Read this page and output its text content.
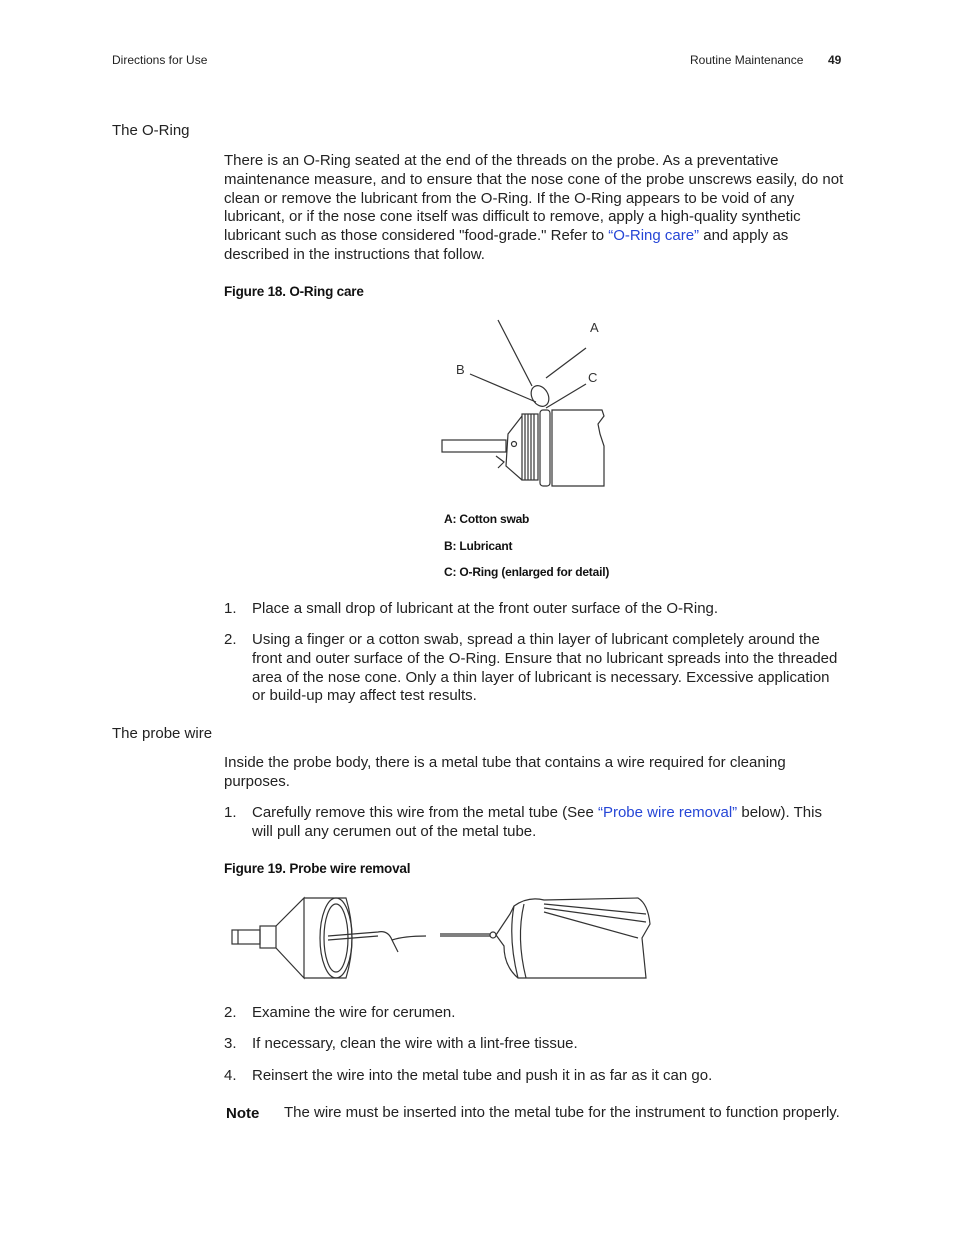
Directions for Use	Routine Maintenance 49
The O-Ring
There is an O-Ring seated at the end of the threads on the probe. As a preventative maintenance measure, and to ensure that the nose cone of the probe unscrews easily, do not clean or remove the lubricant from the O-Ring. If the O-Ring appears to be void of any lubricant, or if the nose cone itself was difficult to remove, apply a high-quality synthetic lubricant such as those considered "food-grade." Refer to “O-Ring care” and apply as described in the instructions that follow.
Figure 18. O-Ring care
A
B
C
A: Cotton swab
B: Lubricant
C: O-Ring (enlarged for detail)
1. Place a small drop of lubricant at the front outer surface of the O-Ring.
2. Using a finger or a cotton swab, spread a thin layer of lubricant completely around the front and outer surface of the O-Ring. Ensure that no lubricant spreads into the threaded area of the nose cone. Only a thin layer of lubricant is necessary. Excessive application or build-up may affect test results.
The probe wire
Inside the probe body, there is a metal tube that contains a wire required for cleaning purposes.
1. Carefully remove this wire from the metal tube (See “Probe wire removal” below). This will pull any cerumen out of the metal tube.
Figure 19. Probe wire removal
2. Examine the wire for cerumen.
3. If necessary, clean the wire with a lint-free tissue.
4. Reinsert the wire into the metal tube and push it in as far as it can go.
Note The wire must be inserted into the metal tube for the instrument to function properly.
